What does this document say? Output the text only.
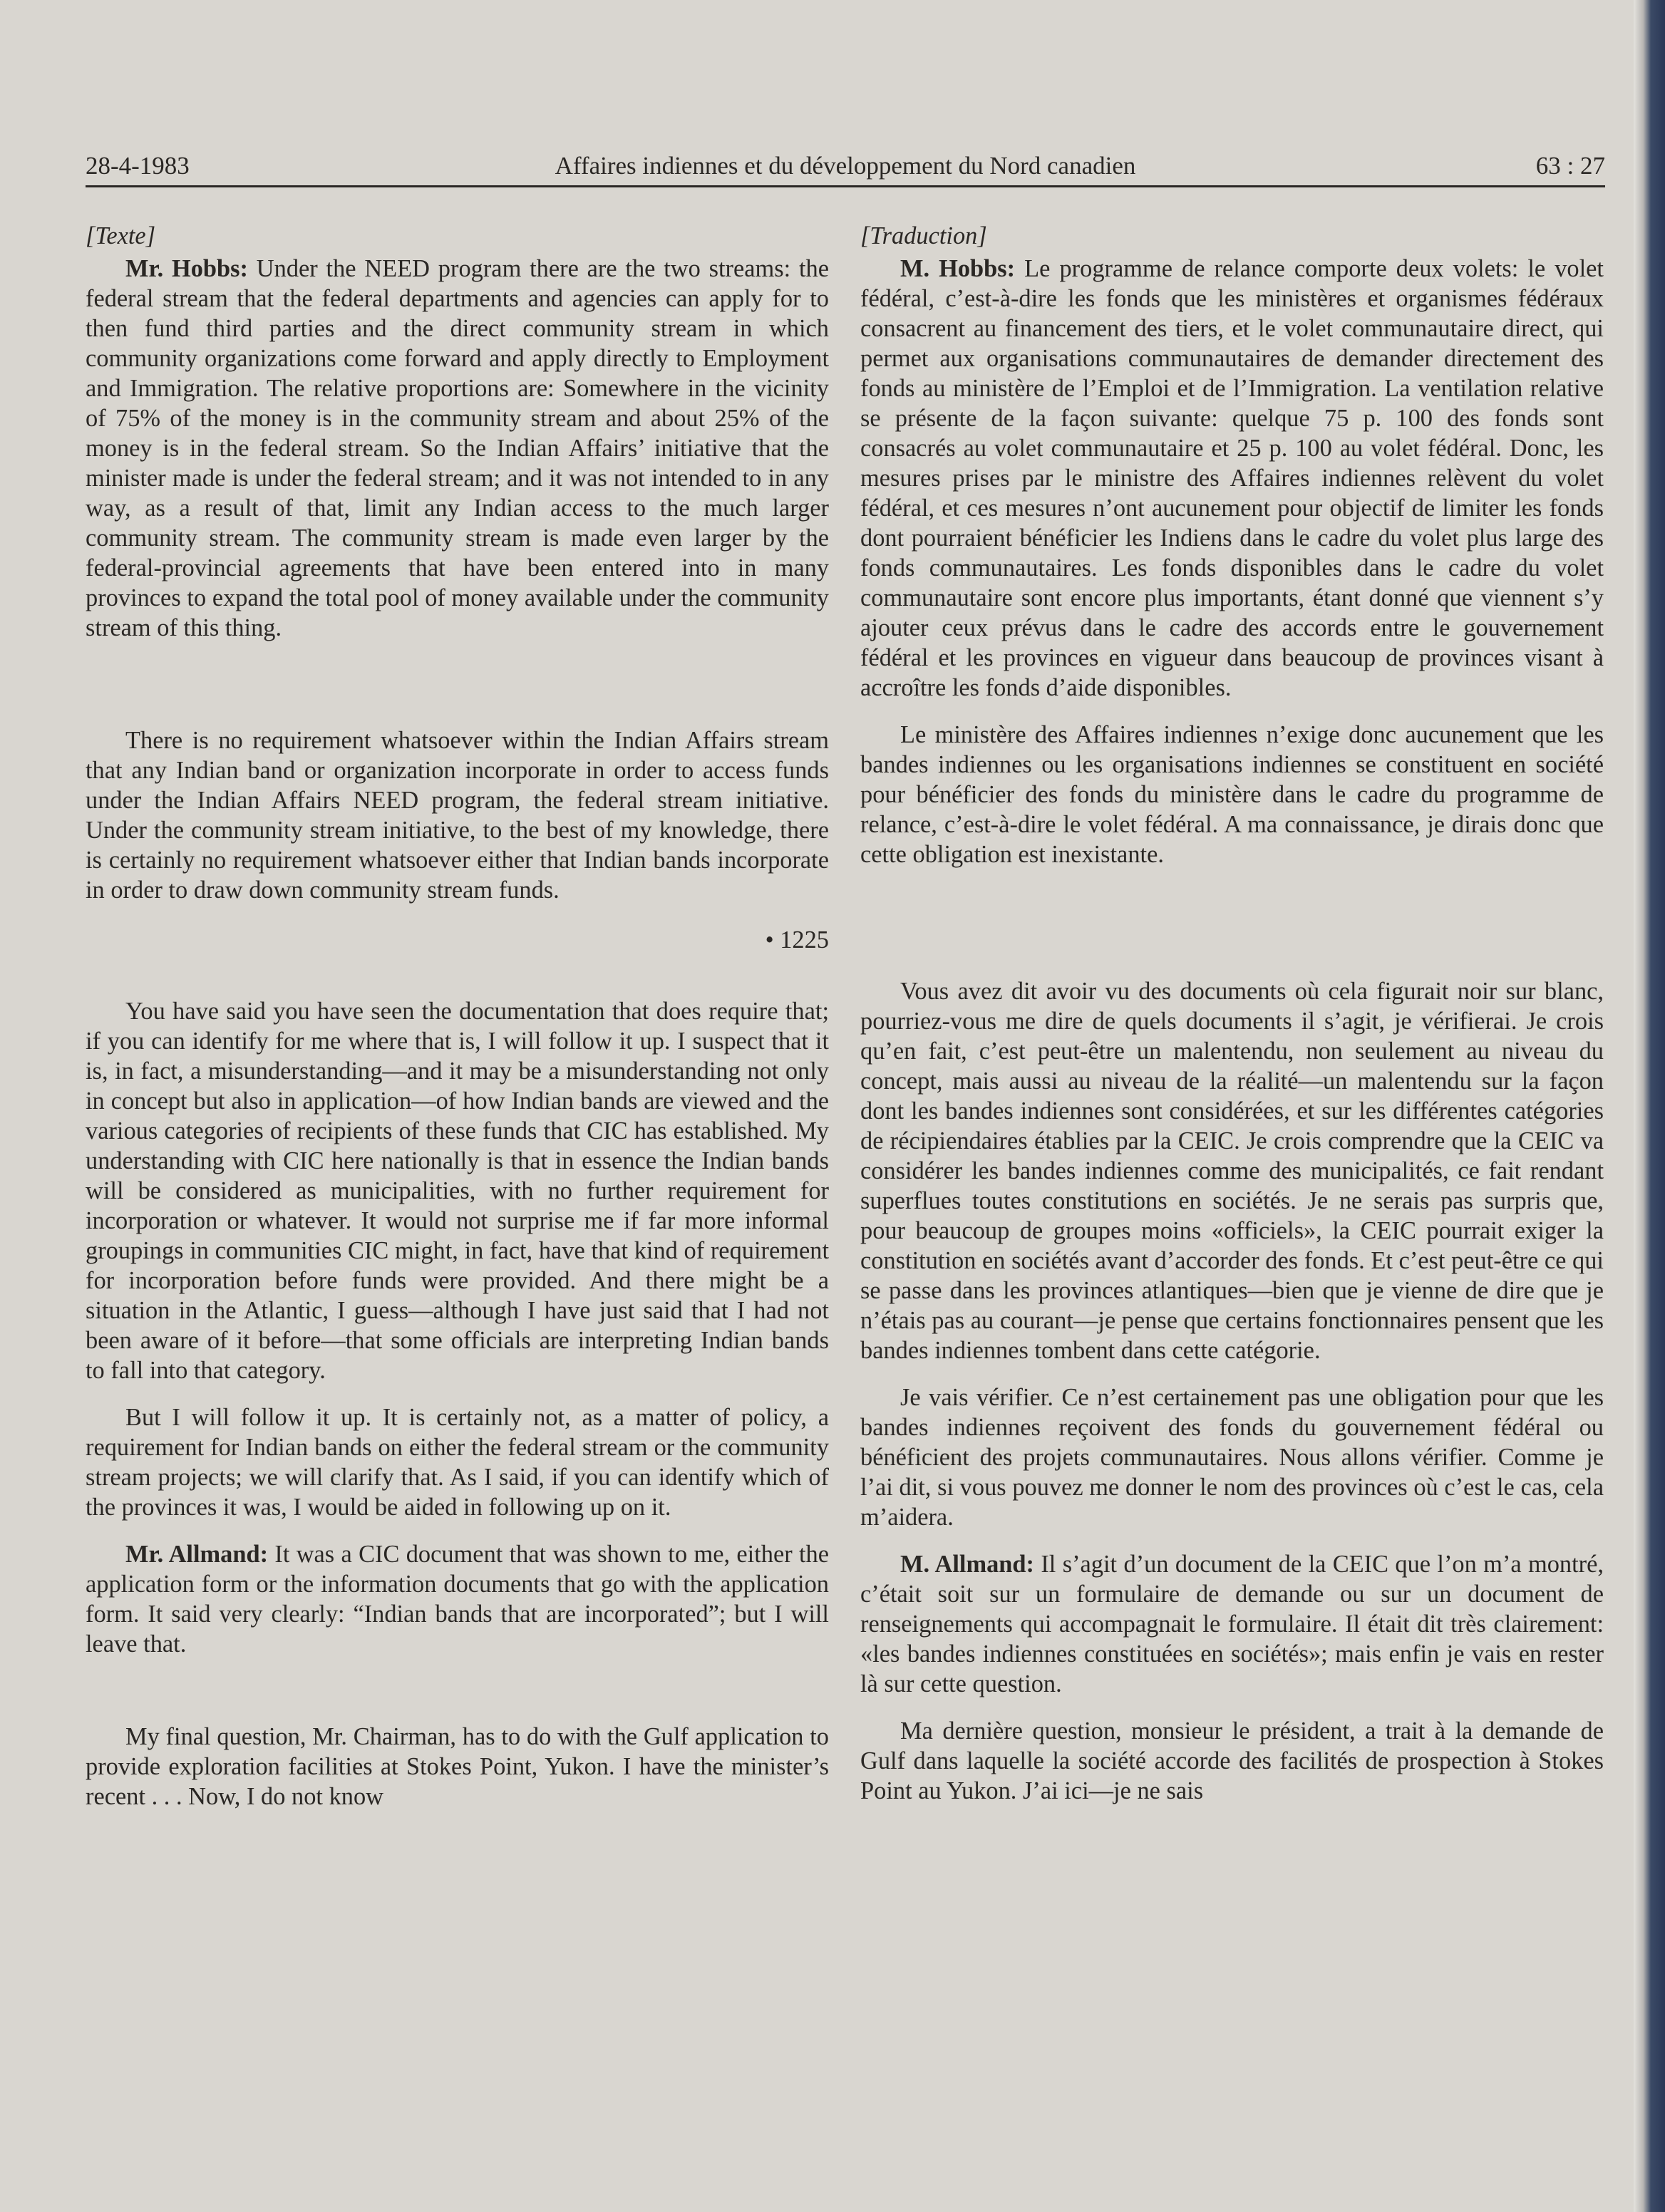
28-4-1983	Affaires indiennes et du développement du Nord canadien	63 : 27

[Texte]

Mr. Hobbs: Under the NEED program there are the two streams: the federal stream that the federal departments and agencies can apply for to then fund third parties and the direct community stream in which community organizations come forward and apply directly to Employment and Immigration. The relative proportions are: Somewhere in the vicinity of 75% of the money is in the community stream and about 25% of the money is in the federal stream. So the Indian Affairs’ initiative that the minister made is under the federal stream; and it was not intended to in any way, as a result of that, limit any Indian access to the much larger community stream. The community stream is made even larger by the federal-provincial agreements that have been entered into in many provinces to expand the total pool of money available under the community stream of this thing.

There is no requirement whatsoever within the Indian Affairs stream that any Indian band or organization incorporate in order to access funds under the Indian Affairs NEED program, the federal stream initiative. Under the community stream initiative, to the best of my knowledge, there is certainly no requirement whatsoever either that Indian bands incorporate in order to draw down community stream funds.

• 1225

You have said you have seen the documentation that does require that; if you can identify for me where that is, I will follow it up. I suspect that it is, in fact, a misunderstanding—and it may be a misunderstanding not only in concept but also in application—of how Indian bands are viewed and the various categories of recipients of these funds that CIC has established. My understanding with CIC here nationally is that in essence the Indian bands will be considered as municipalities, with no further requirement for incorporation or whatever. It would not surprise me if far more informal groupings in communities CIC might, in fact, have that kind of requirement for incorporation before funds were provided. And there might be a situation in the Atlantic, I guess—although I have just said that I had not been aware of it before—that some officials are interpreting Indian bands to fall into that category.

But I will follow it up. It is certainly not, as a matter of policy, a requirement for Indian bands on either the federal stream or the community stream projects; we will clarify that. As I said, if you can identify which of the provinces it was, I would be aided in following up on it.

Mr. Allmand: It was a CIC document that was shown to me, either the application form or the information documents that go with the application form. It said very clearly: “Indian bands that are incorporated”; but I will leave that.

My final question, Mr. Chairman, has to do with the Gulf application to provide exploration facilities at Stokes Point, Yukon. I have the minister’s recent . . . Now, I do not know

[Traduction]

M. Hobbs: Le programme de relance comporte deux volets: le volet fédéral, c’est-à-dire les fonds que les ministères et organismes fédéraux consacrent au financement des tiers, et le volet communautaire direct, qui permet aux organisations communautaires de demander directement des fonds au ministère de l’Emploi et de l’Immigration. La ventilation relative se présente de la façon suivante: quelque 75 p. 100 des fonds sont consacrés au volet communautaire et 25 p. 100 au volet fédéral. Donc, les mesures prises par le ministre des Affaires indiennes relèvent du volet fédéral, et ces mesures n’ont aucunement pour objectif de limiter les fonds dont pourraient bénéficier les Indiens dans le cadre du volet plus large des fonds communautaires. Les fonds disponibles dans le cadre du volet communautaire sont encore plus importants, étant donné que viennent s’y ajouter ceux prévus dans le cadre des accords entre le gouvernement fédéral et les provinces en vigueur dans beaucoup de provinces visant à accroître les fonds d’aide disponibles.

Le ministère des Affaires indiennes n’exige donc aucunement que les bandes indiennes ou les organisations indiennes se constituent en société pour bénéficier des fonds du ministère dans le cadre du programme de relance, c’est-à-dire le volet fédéral. A ma connaissance, je dirais donc que cette obligation est inexistante.

Vous avez dit avoir vu des documents où cela figurait noir sur blanc, pourriez-vous me dire de quels documents il s’agit, je vérifierai. Je crois qu’en fait, c’est peut-être un malentendu, non seulement au niveau du concept, mais aussi au niveau de la réalité—un malentendu sur la façon dont les bandes indiennes sont considérées, et sur les différentes catégories de récipiendaires établies par la CEIC. Je crois comprendre que la CEIC va considérer les bandes indiennes comme des municipalités, ce fait rendant superflues toutes constitutions en sociétés. Je ne serais pas surpris que, pour beaucoup de groupes moins «officiels», la CEIC pourrait exiger la constitution en sociétés avant d’accorder des fonds. Et c’est peut-être ce qui se passe dans les provinces atlantiques—bien que je vienne de dire que je n’étais pas au courant—je pense que certains fonctionnaires pensent que les bandes indiennes tombent dans cette catégorie.

Je vais vérifier. Ce n’est certainement pas une obligation pour que les bandes indiennes reçoivent des fonds du gouvernement fédéral ou bénéficient des projets communautaires. Nous allons vérifier. Comme je l’ai dit, si vous pouvez me donner le nom des provinces où c’est le cas, cela m’aidera.

M. Allmand: Il s’agit d’un document de la CEIC que l’on m’a montré, c’était soit sur un formulaire de demande ou sur un document de renseignements qui accompagnait le formulaire. Il était dit très clairement: «les bandes indiennes constituées en sociétés»; mais enfin je vais en rester là sur cette question.

Ma dernière question, monsieur le président, a trait à la demande de Gulf dans laquelle la société accorde des facilités de prospection à Stokes Point au Yukon. J’ai ici—je ne sais
